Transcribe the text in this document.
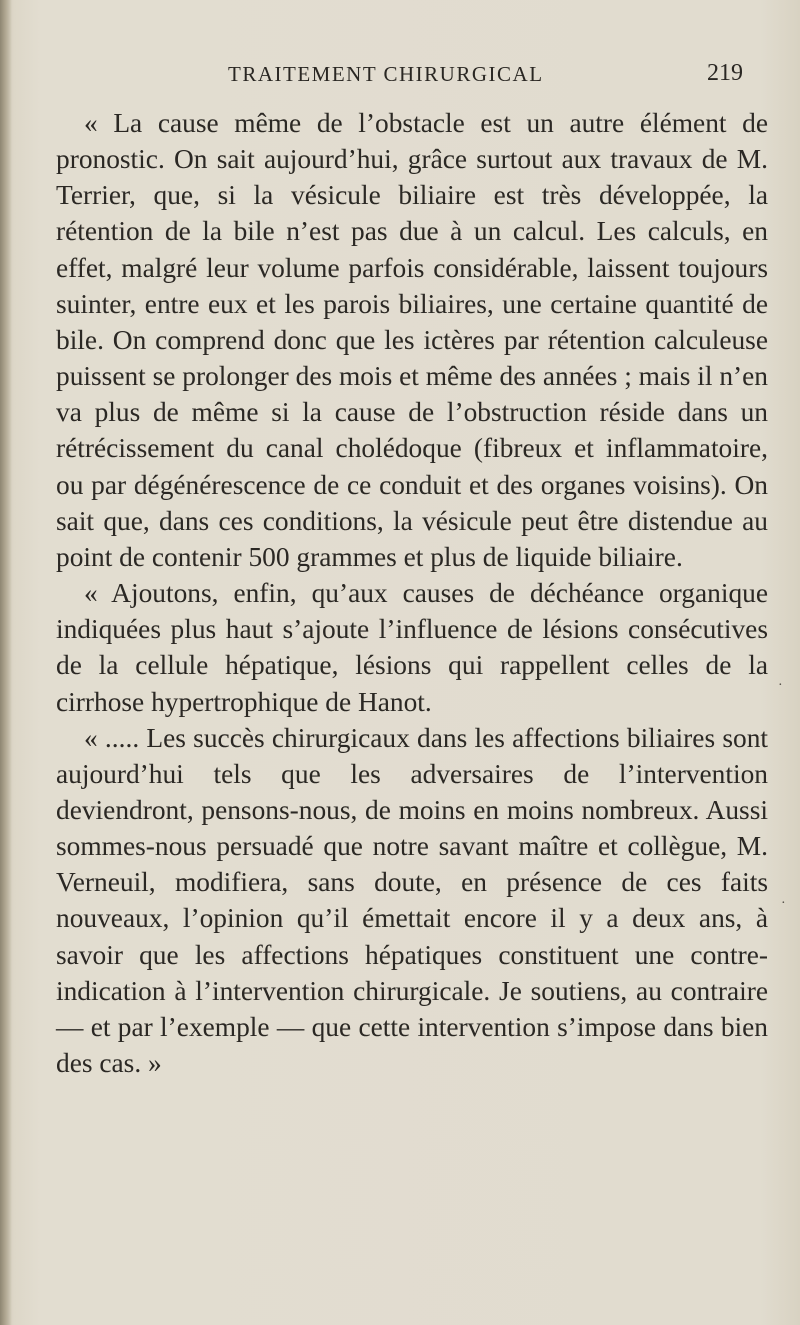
TRAITEMENT CHIRURGICAL	219

« La cause même de l’obstacle est un autre élément de pronostic. On sait aujourd’hui, grâce surtout aux travaux de M. Terrier, que, si la vésicule biliaire est très développée, la rétention de la bile n’est pas due à un calcul. Les calculs, en effet, malgré leur volume parfois considérable, laissent toujours suinter, entre eux et les parois biliaires, une certaine quantité de bile. On comprend donc que les ictères par rétention calculeuse puissent se prolonger des mois et même des années ; mais il n’en va plus de même si la cause de l’obstruction réside dans un rétrécissement du canal cholédoque (fibreux et inflammatoire, ou par dégénérescence de ce conduit et des organes voisins). On sait que, dans ces conditions, la vésicule peut être distendue au point de contenir 500 grammes et plus de liquide biliaire.

« Ajoutons, enfin, qu’aux causes de déchéance organique indiquées plus haut s’ajoute l’influence de lésions consécutives de la cellule hépatique, lésions qui rappellent celles de la cirrhose hypertrophique de Hanot.

« ..... Les succès chirurgicaux dans les affections biliaires sont aujourd’hui tels que les adversaires de l’intervention deviendront, pensons-nous, de moins en moins nombreux. Aussi sommes-nous persuadé que notre savant maître et collègue, M. Verneuil, modifiera, sans doute, en présence de ces faits nouveaux, l’opinion qu’il émettait encore il y a deux ans, à savoir que les affections hépatiques constituent une contre-indication à l’intervention chirurgicale. Je soutiens, au contraire — et par l’exemple — que cette intervention s’impose dans bien des cas. »

·
·
